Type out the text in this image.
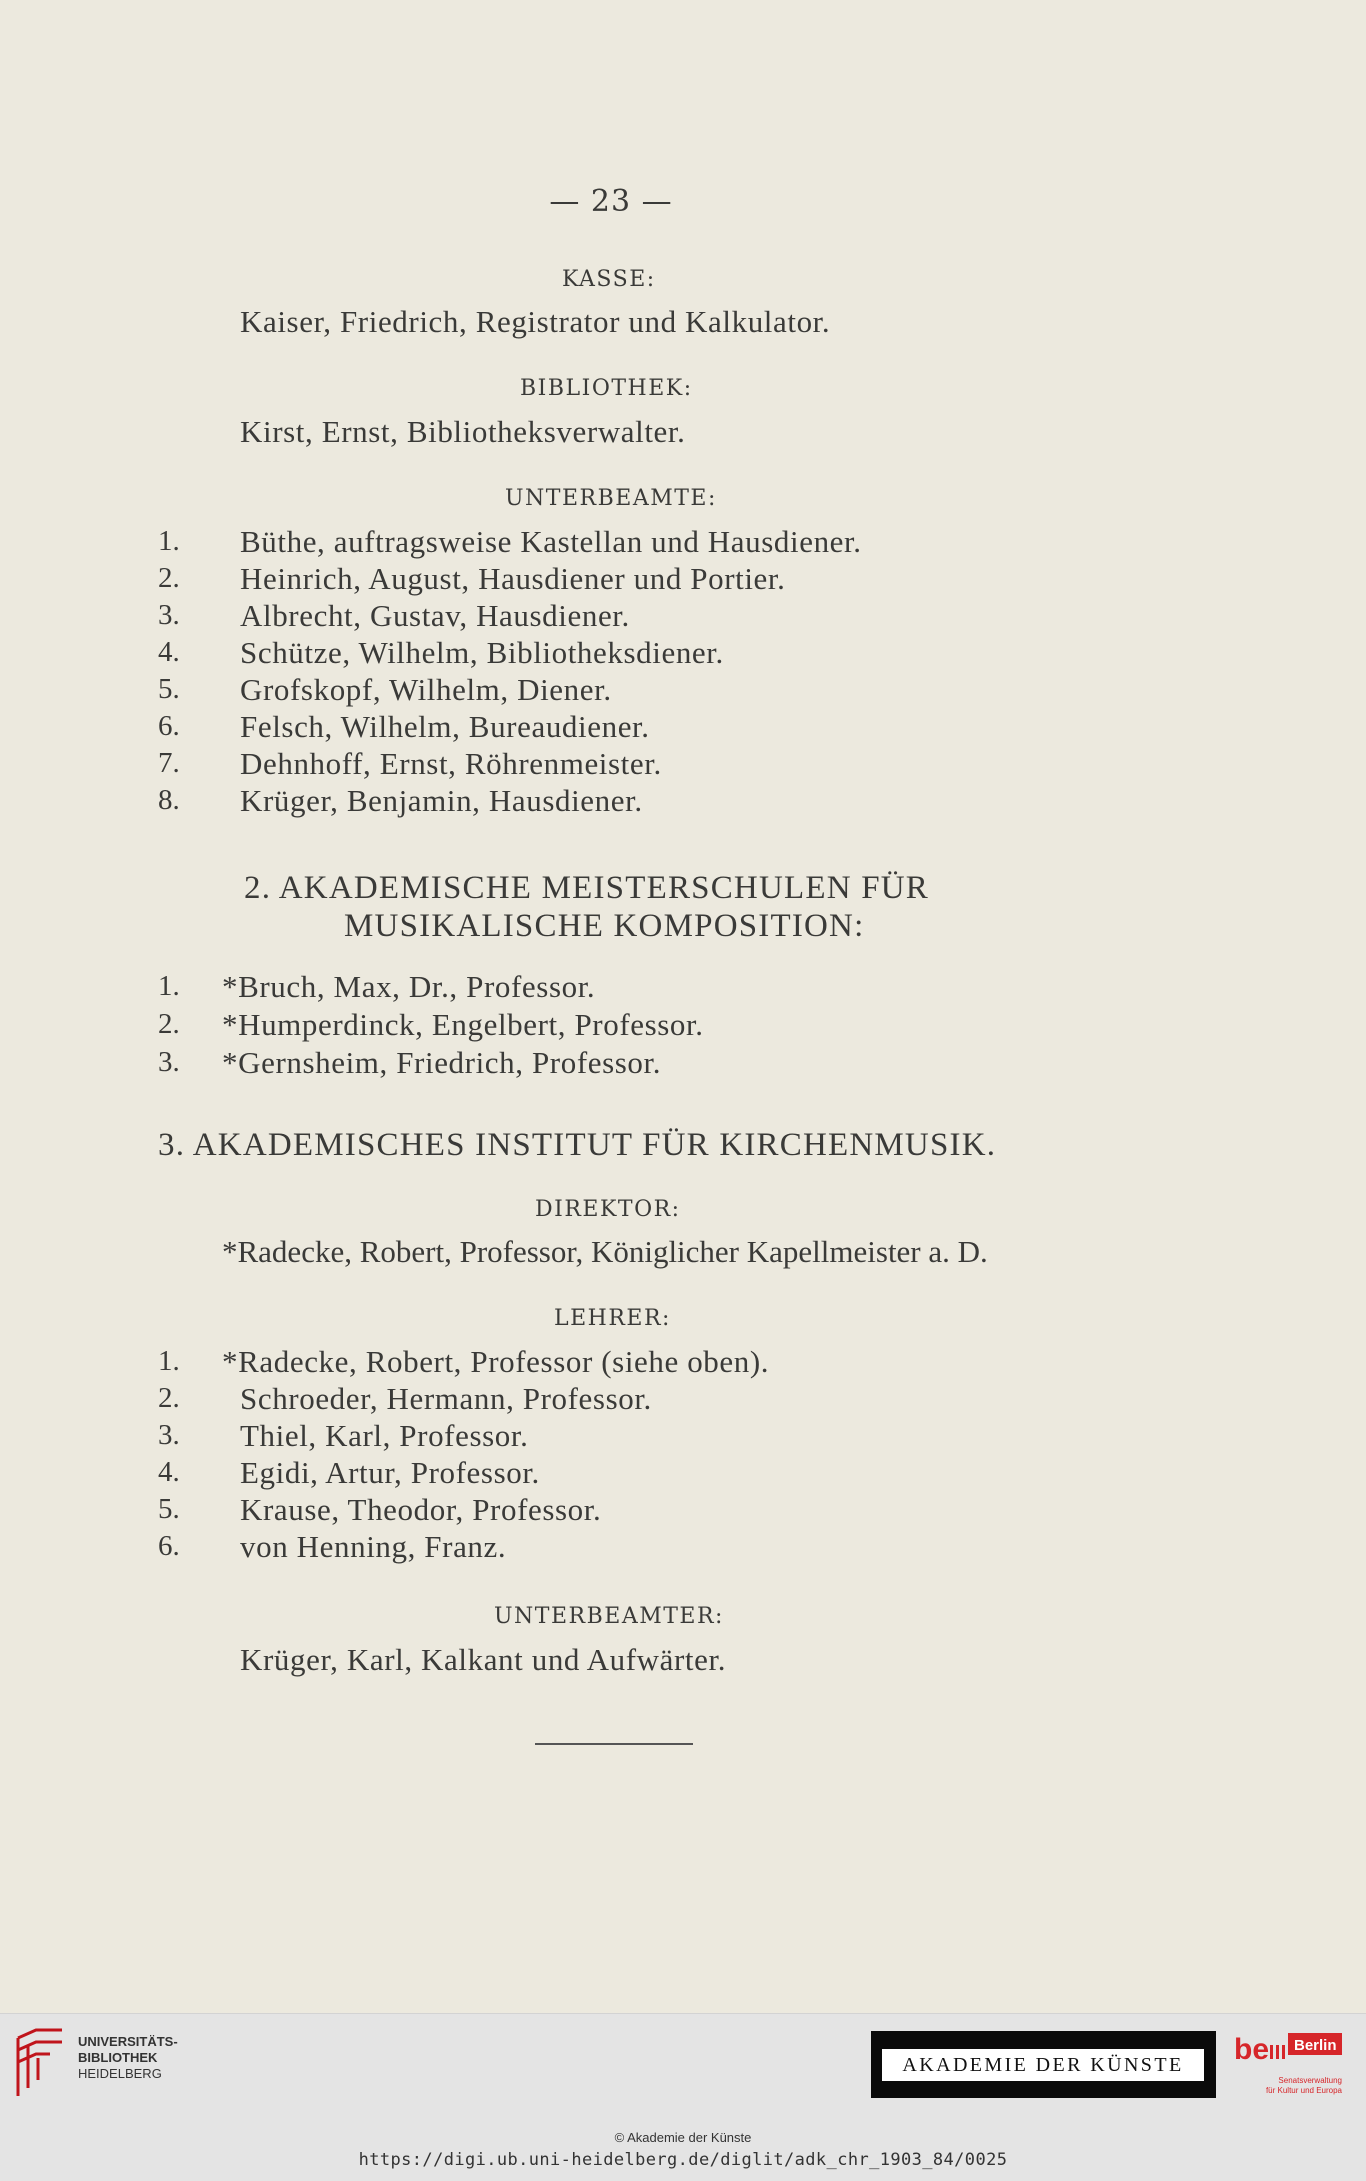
— 23 —
KASSE:
Kaiser, Friedrich, Registrator und Kalkulator.
BIBLIOTHEK:
Kirst, Ernst, Bibliotheksverwalter.
UNTERBEAMTE:
1. Büthe, auftragsweise Kastellan und Hausdiener.
2. Heinrich, August, Hausdiener und Portier.
3. Albrecht, Gustav, Hausdiener.
4. Schütze, Wilhelm, Bibliotheksdiener.
5. Grofskopf, Wilhelm, Diener.
6. Felsch, Wilhelm, Bureaudiener.
7. Dehnhoff, Ernst, Röhrenmeister.
8. Krüger, Benjamin, Hausdiener.
2. AKADEMISCHE MEISTERSCHULEN FÜR
MUSIKALISCHE KOMPOSITION:
1. *Bruch, Max, Dr., Professor.
2. *Humperdinck, Engelbert, Professor.
3. *Gernsheim, Friedrich, Professor.
3. AKADEMISCHES INSTITUT FÜR KIRCHENMUSIK.
DIREKTOR:
*Radecke, Robert, Professor, Königlicher Kapellmeister a. D.
LEHRER:
1. *Radecke, Robert, Professor (siehe oben).
2. Schroeder, Hermann, Professor.
3. Thiel, Karl, Professor.
4. Egidi, Artur, Professor.
5. Krause, Theodor, Professor.
6. von Henning, Franz.
UNTERBEAMTER:
Krüger, Karl, Kalkant und Aufwärter.
UNIVERSITÄTS-
BIBLIOTHEK
HEIDELBERG	AKADEMIE DER KÜNSTE	be Berlin
Senatsverwaltung
für Kultur und Europa
© Akademie der Künste
https://digi.ub.uni-heidelberg.de/diglit/adk_chr_1903_84/0025
